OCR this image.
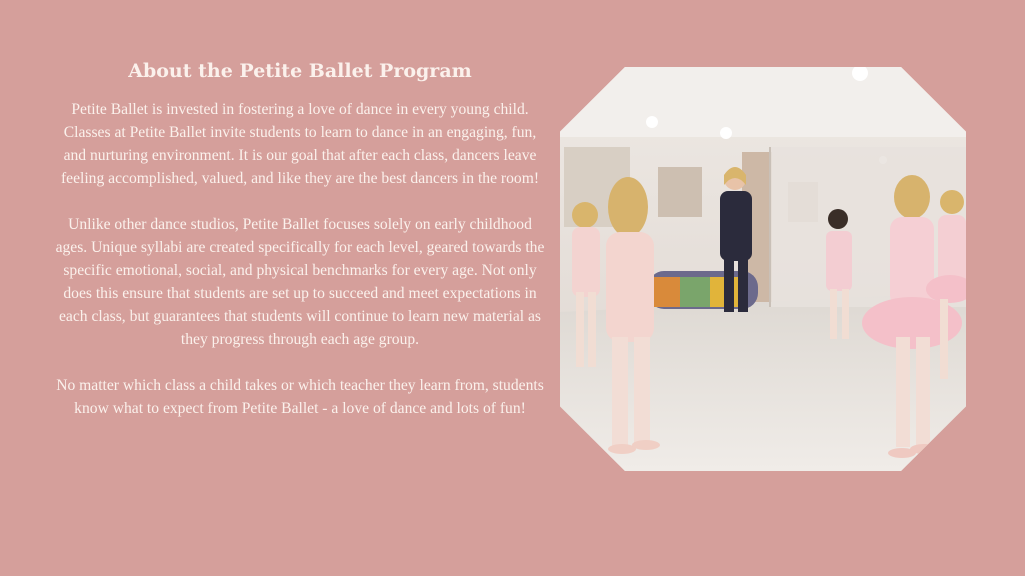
About the Petite Ballet Program

Petite Ballet is invested in fostering a love of dance in every young child. Classes at Petite Ballet invite students to learn to dance in an engaging, fun, and nurturing environment. It is our goal that after each class, dancers leave feeling accomplished, valued, and like they are the best dancers in the room!

Unlike other dance studios, Petite Ballet focuses solely on early childhood ages. Unique syllabi are created specifically for each level, geared towards the specific emotional, social, and physical benchmarks for every age. Not only does this ensure that students are set up to succeed and meet expectations in each class, but guarantees that students will continue to learn new material as they progress through each age group.

No matter which class a child takes or which teacher they learn from, students know what to expect from Petite Ballet - a love of dance and lots of fun!
